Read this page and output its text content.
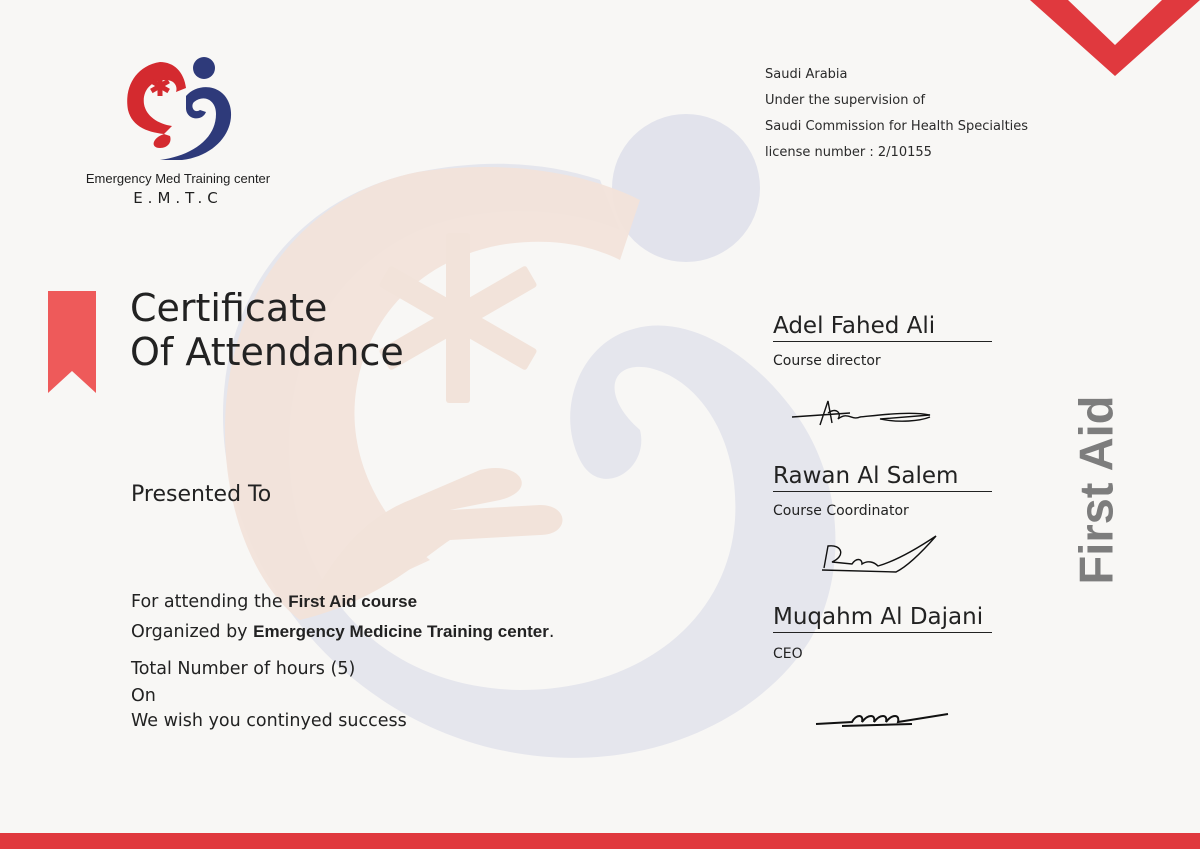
Emergency Med Training center
E.M.T.C
Saudi Arabia
Under the supervision of
Saudi Commission for Health Specialties
license number : 2/10155
Certificate
Of Attendance
Presented To
For attending the First Aid course
Organized by Emergency Medicine Training center.
Total Number of hours (5)
On
We wish you continyed success
Adel Fahed Ali
Course director
Rawan Al Salem
Course Coordinator
Muqahm Al Dajani
CEO
First Aid
